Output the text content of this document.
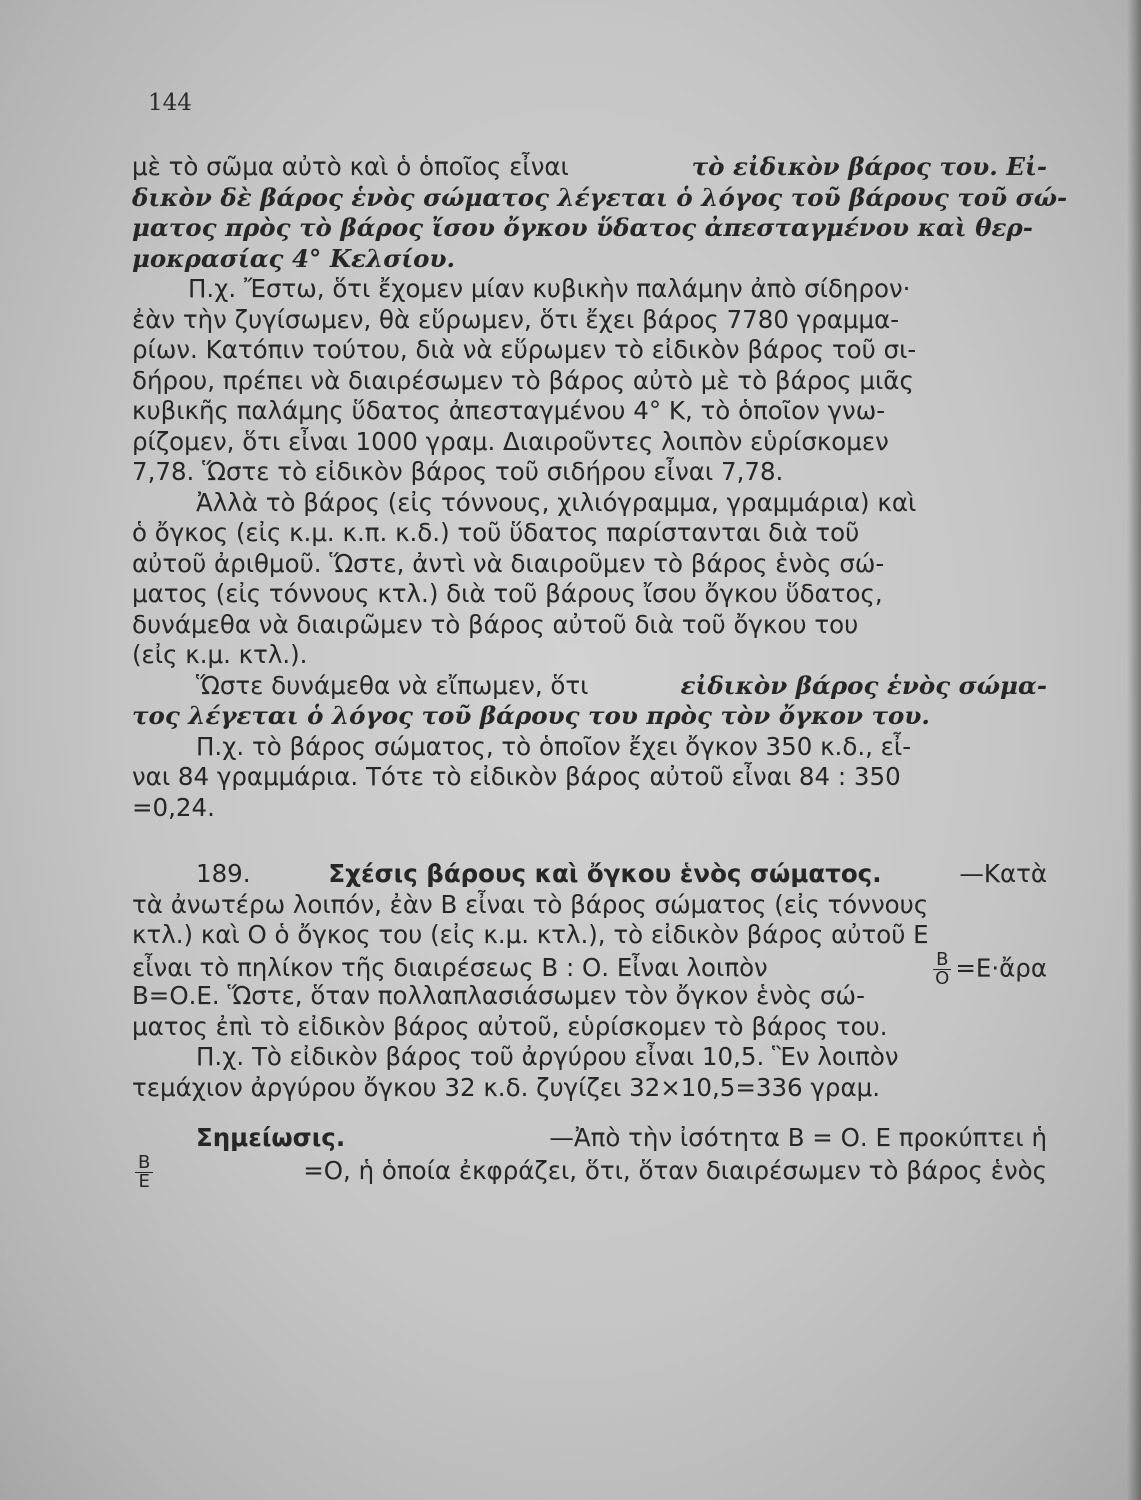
144
μὲ τὸ σῶμα αὐτὸ καὶ ὁ ὁποῖος εἶναι	τὸ εἰδικὸν βάρος του. Εἰ-
δικὸν δὲ βάρος ἑνὸς σώματος λέγεται ὁ λόγος τοῦ βάρους τοῦ σώ-
ματος πρὸς τὸ βάρος ἴσου ὄγκου ὕδατος ἀπεσταγμένου καὶ θερ-
μοκρασίας 4° Κελσίου.
Π.χ. Ἔστω, ὅτι ἔχομεν μίαν κυβικὴν παλάμην ἀπὸ σίδηρον·
ἐὰν τὴν ζυγίσωμεν, θὰ εὕρωμεν, ὅτι ἔχει βάρος 7780 γραμμα-
ρίων. Κατόπιν τούτου, διὰ νὰ εὕρωμεν τὸ εἰδικὸν βάρος τοῦ σι-
δήρου, πρέπει νὰ διαιρέσωμεν τὸ βάρος αὐτὸ μὲ τὸ βάρος μιᾶς
κυβικῆς παλάμης ὕδατος ἀπεσταγμένου 4° Κ, τὸ ὁποῖον γνω-
ρίζομεν, ὅτι εἶναι 1000 γραμ. Διαιροῦντες λοιπὸν εὑρίσκομεν
7,78. Ὥστε τὸ εἰδικὸν βάρος τοῦ σιδήρου εἶναι 7,78.
Ἀλλὰ τὸ βάρος (εἰς τόννους, χιλιόγραμμα, γραμμάρια) καὶ
ὁ ὄγκος (εἰς κ.μ. κ.π. κ.δ.) τοῦ ὕδατος παρίστανται διὰ τοῦ
αὐτοῦ ἀριθμοῦ. Ὥστε, ἀντὶ νὰ διαιροῦμεν τὸ βάρος ἑνὸς σώ-
ματος (εἰς τόννους κτλ.) διὰ τοῦ βάρους ἴσου ὄγκου ὕδατος,
δυνάμεθα νὰ διαιρῶμεν τὸ βάρος αὐτοῦ διὰ τοῦ ὄγκου του
(εἰς κ.μ. κτλ.).
Ὥστε δυνάμεθα νὰ εἴπωμεν, ὅτι	εἰδικὸν βάρος ἑνὸς σώμα-
τος λέγεται ὁ λόγος τοῦ βάρους του πρὸς τὸν ὄγκον του.
Π.χ. τὸ βάρος σώματος, τὸ ὁποῖον ἔχει ὄγκον 350 κ.δ., εἶ-
ναι 84 γραμμάρια. Τότε τὸ εἰδικὸν βάρος αὐτοῦ εἶναι 84 : 350
=0,24.
189.	Σχέσις βάρους καὶ ὄγκου ἑνὸς σώματος.	—Κατὰ
τὰ ἀνωτέρω λοιπόν, ἐὰν Β εἶναι τὸ βάρος σώματος (εἰς τόννους
κτλ.) καὶ Ο ὁ ὄγκος του (εἰς κ.μ. κτλ.), τὸ εἰδικὸν βάρος αὐτοῦ Ε
εἶναι τὸ πηλίκον τῆς διαιρέσεως Β : Ο. Εἶναι λοιπὸν	$\frac{B}{O}$ =Ε·ἄρα
Β=Ο.Ε. Ὥστε, ὅταν πολλαπλασιάσωμεν τὸν ὄγκον ἑνὸς σώ-
ματος ἐπὶ τὸ εἰδικὸν βάρος αὐτοῦ, εὑρίσκομεν τὸ βάρος του.
Π.χ. Τὸ εἰδικὸν βάρος τοῦ ἀργύρου εἶναι 10,5. Ἓν λοιπὸν
τεμάχιον ἀργύρου ὄγκου 32 κ.δ. ζυγίζει 32×10,5=336 γραμ.
Σημείωσις.	—Ἀπὸ τὴν ἰσότητα Β = Ο. Ε προκύπτει ἡ
$\frac{B}{E}$	=Ο, ἡ ὁποία ἐκφράζει, ὅτι, ὅταν διαιρέσωμεν τὸ βάρος ἑνὸς
